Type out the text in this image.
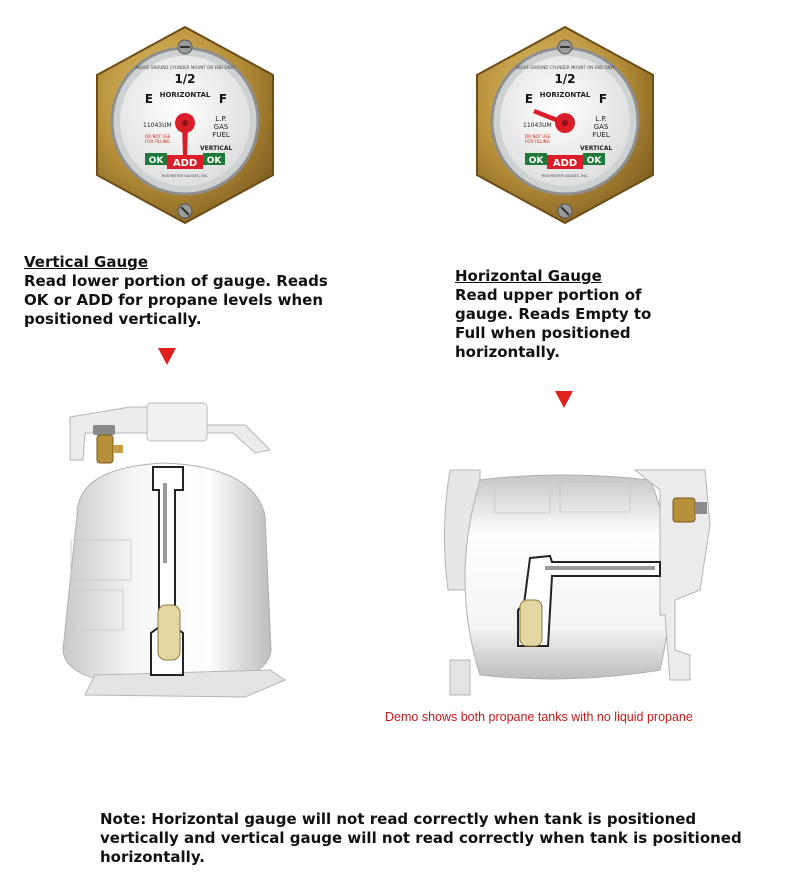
ABOVE GROUND CYLINDER MOUNT ON END ONLY
1/2
E	F
HORIZONTAL
11043UM
L.P.
GAS
FUEL
DO NOT USE
FOR FILLING
VERTICAL
OK ADD OK
ROCHESTER GAUGES, INC.
ABOVE GROUND CYLINDER MOUNT ON END ONLY
1/2
E	F
HORIZONTAL
11043UM
L.P.
GAS
FUEL
DO NOT USE
FOR FILLING
VERTICAL
OK ADD OK
ROCHESTER GAUGES, INC.
Vertical Gauge
Read lower portion of gauge. Reads
OK or ADD for propane levels when
positioned vertically.
Horizontal Gauge
Read upper portion of
gauge. Reads Empty to
Full when positioned
horizontally.
Demo shows both propane tanks with no liquid propane
Note: Horizontal gauge will not read correctly when tank is positioned
vertically and vertical gauge will not read correctly when tank is positioned
horizontally.
